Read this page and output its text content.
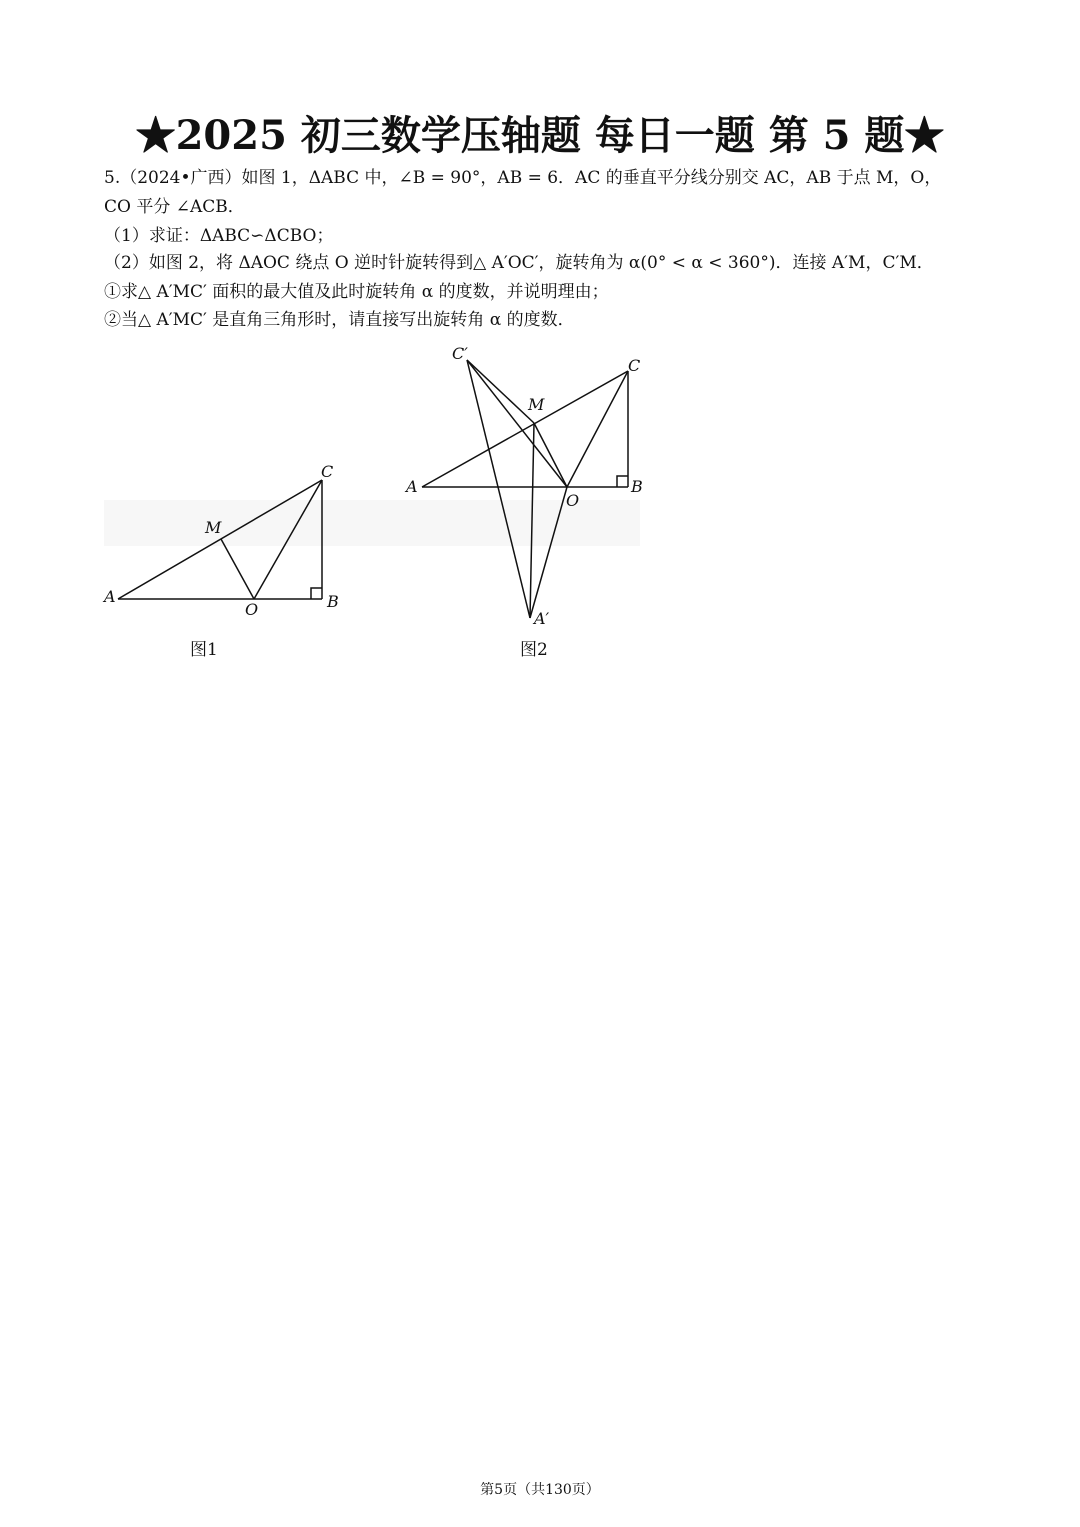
★2025 初三数学压轴题 每日一题 第 5 题★
5.（2024•广西）如图 1，ΔABC 中，∠B = 90°，AB = 6．AC 的垂直平分线分别交 AC，AB 于点 M，O，
CO 平分 ∠ACB．
（1）求证：ΔABC∽ΔCBO；
（2）如图 2，将 ΔAOC 绕点 O 逆时针旋转得到△ A′OC′，旋转角为 α(0° < α < 360°)．连接 A′M，C′M．
①求△ A′MC′ 面积的最大值及此时旋转角 α 的度数，并说明理由；
②当△ A′MC′ 是直角三角形时，请直接写出旋转角 α 的度数．
A	B
C
M
O
图1
C′
C
M
A	B
O
A′
图2
第5页（共130页）
